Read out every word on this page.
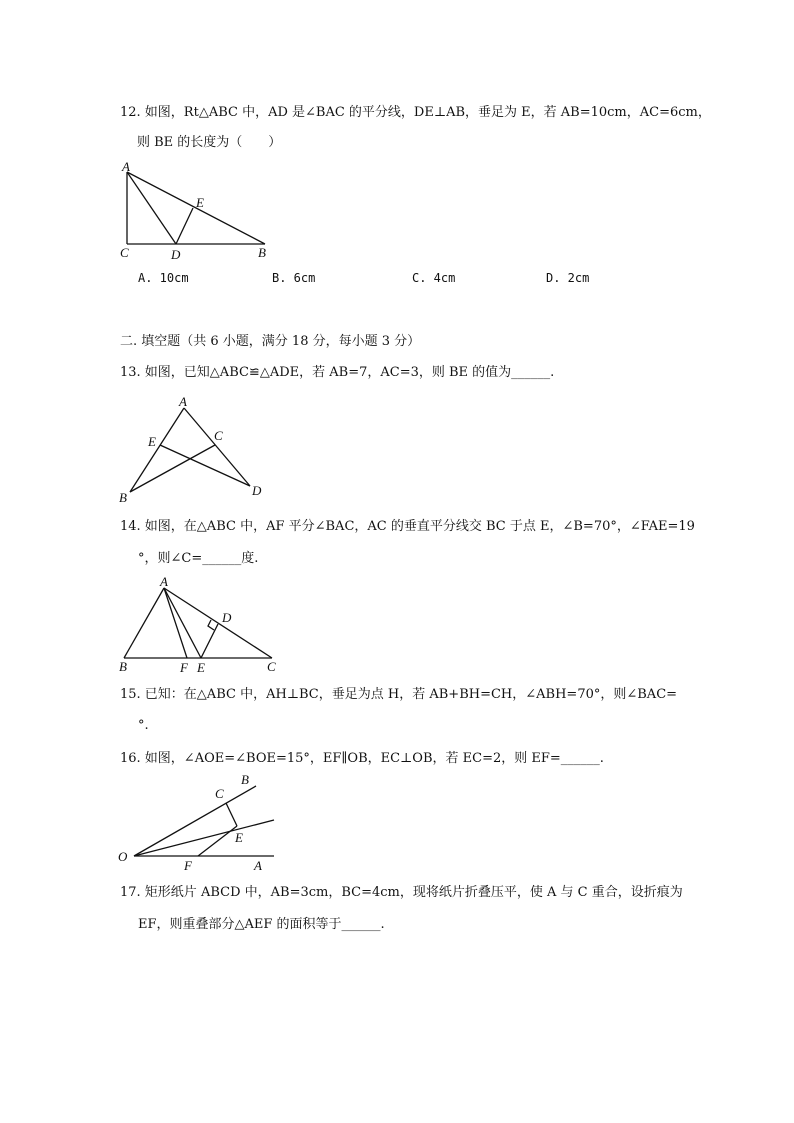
12. 如图，Rt△ABC 中，AD 是∠BAC 的平分线，DE⊥AB，垂足为 E，若 AB=10cm，AC=6cm，
则 BE 的长度为（　　）
A
E
C	D	B
A. 10cm	B. 6cm	C. 4cm	D. 2cm
二. 填空题（共 6 小题，满分 18 分，每小题 3 分）
13. 如图，已知△ABC≌△ADE，若 AB=7，AC=3，则 BE 的值为______.
A
E	C
B	D
14. 如图，在△ABC 中，AF 平分∠BAC，AC 的垂直平分线交 BC 于点 E，∠B=70°，∠FAE=19
°，则∠C=______度.
A
D
B	F E	C
15. 已知：在△ABC 中，AH⊥BC，垂足为点 H，若 AB+BH=CH，∠ABH=70°，则∠BAC=
°.
16. 如图，∠AOE=∠BOE=15°，EF∥OB，EC⊥OB，若 EC=2，则 EF=______.
B
C
E
O
F	A
17. 矩形纸片 ABCD 中，AB=3cm，BC=4cm，现将纸片折叠压平，使 A 与 C 重合，设折痕为
EF，则重叠部分△AEF 的面积等于______.
